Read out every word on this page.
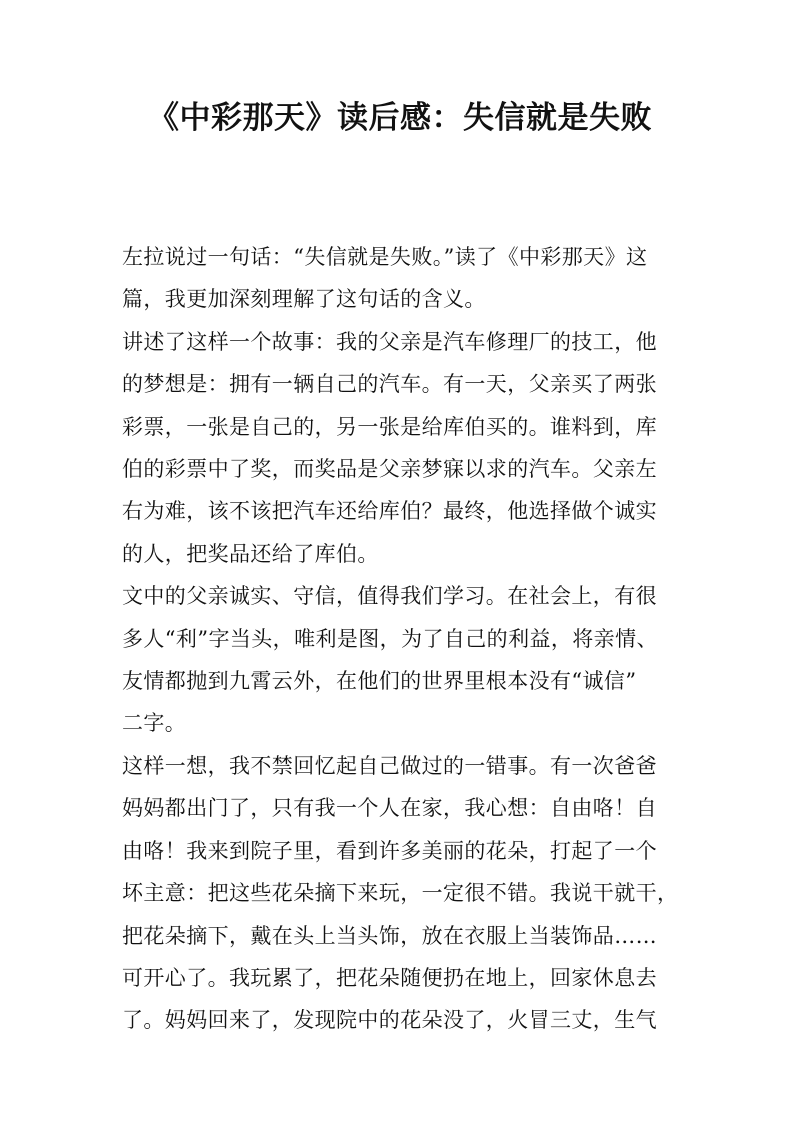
《中彩那天》读后感：失信就是失败
左拉说过一句话：“失信就是失败。”读了《中彩那天》这
篇，我更加深刻理解了这句话的含义。
讲述了这样一个故事：我的父亲是汽车修理厂的技工，他
的梦想是：拥有一辆自己的汽车。有一天，父亲买了两张
彩票，一张是自己的，另一张是给库伯买的。谁料到，库
伯的彩票中了奖，而奖品是父亲梦寐以求的汽车。父亲左
右为难，该不该把汽车还给库伯？最终，他选择做个诚实
的人，把奖品还给了库伯。
文中的父亲诚实、守信，值得我们学习。在社会上，有很
多人“利”字当头，唯利是图，为了自己的利益，将亲情、
友情都抛到九霄云外，在他们的世界里根本没有“诚信”
二字。
这样一想，我不禁回忆起自己做过的一错事。有一次爸爸
妈妈都出门了，只有我一个人在家，我心想：自由咯！自
由咯！我来到院子里，看到许多美丽的花朵，打起了一个
坏主意：把这些花朵摘下来玩，一定很不错。我说干就干，
把花朵摘下，戴在头上当头饰，放在衣服上当装饰品……
可开心了。我玩累了，把花朵随便扔在地上，回家休息去
了。妈妈回来了，发现院中的花朵没了，火冒三丈，生气
